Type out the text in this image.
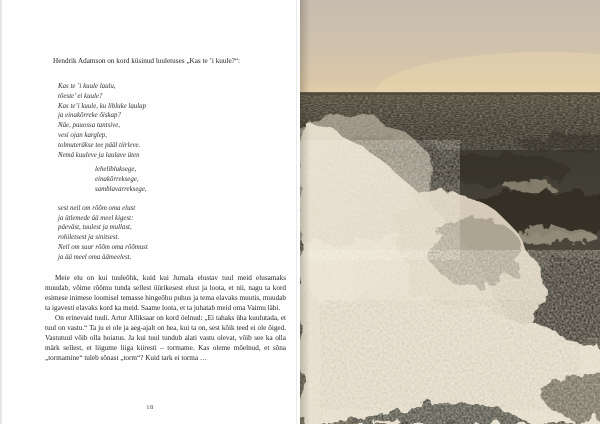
Hendrik Adamson on kord küsinud luuletuses „Kas te ’i kuule?“:

Kas te ’i kuule laulu,
tõeste’ ei kuule?
Kas te’i kuule, ku libluke laulap
ja einakõrreke õiskap?
Näe, puuossa tantsive,
vesi ojan karglep,
tolmuteräkse tee pääl tiirleve.
Nemä kuuleve ja laulave üten
lehelibluksege,
einakõrreksege,
samblavarreksege,
sest neil om rõõm oma elust
ja ütlemede ää meel kigest:
päeväst, tuulest ja mullast,
rohiletsest ja sinitsest.
Neil om suur rõõm oma rõõmust
ja ää meel oma äämeelest.

Meie elu on kui tuuleõhk, kuid kui Jumala elustav tuul meid elusamaks muudab, võime rõõmu tunda sellest üürikesest elust ja loota, et nii, nagu ta kord esimese inimese loomisel temasse hingeõhu puhus ja tema elavaks muutis, muudab ta igavesti elavaks kord ka meid. Saame loota, et ta juhatab meid oma Vaimu läbi.

On erinevaid tuuli. Artur Alliksaar on kord öelnud: „Ei tahaks üha kuulutada, et tuul on vastu.“ Ta ju ei ole ja aeg-ajalt on hea, kui ta on, sest kõik teed ei ole õiged. Vastutuul võib olla hoiatus. Ja kui tuul tundub alati vastu olevat, võib see ka olla märk sellest, et liigume liiga kiiresti – tormame. Kas oleme mõelnud, et sõna „tormamine“ tuleb sõnast „torm“? Kuid tark ei torma …

18
